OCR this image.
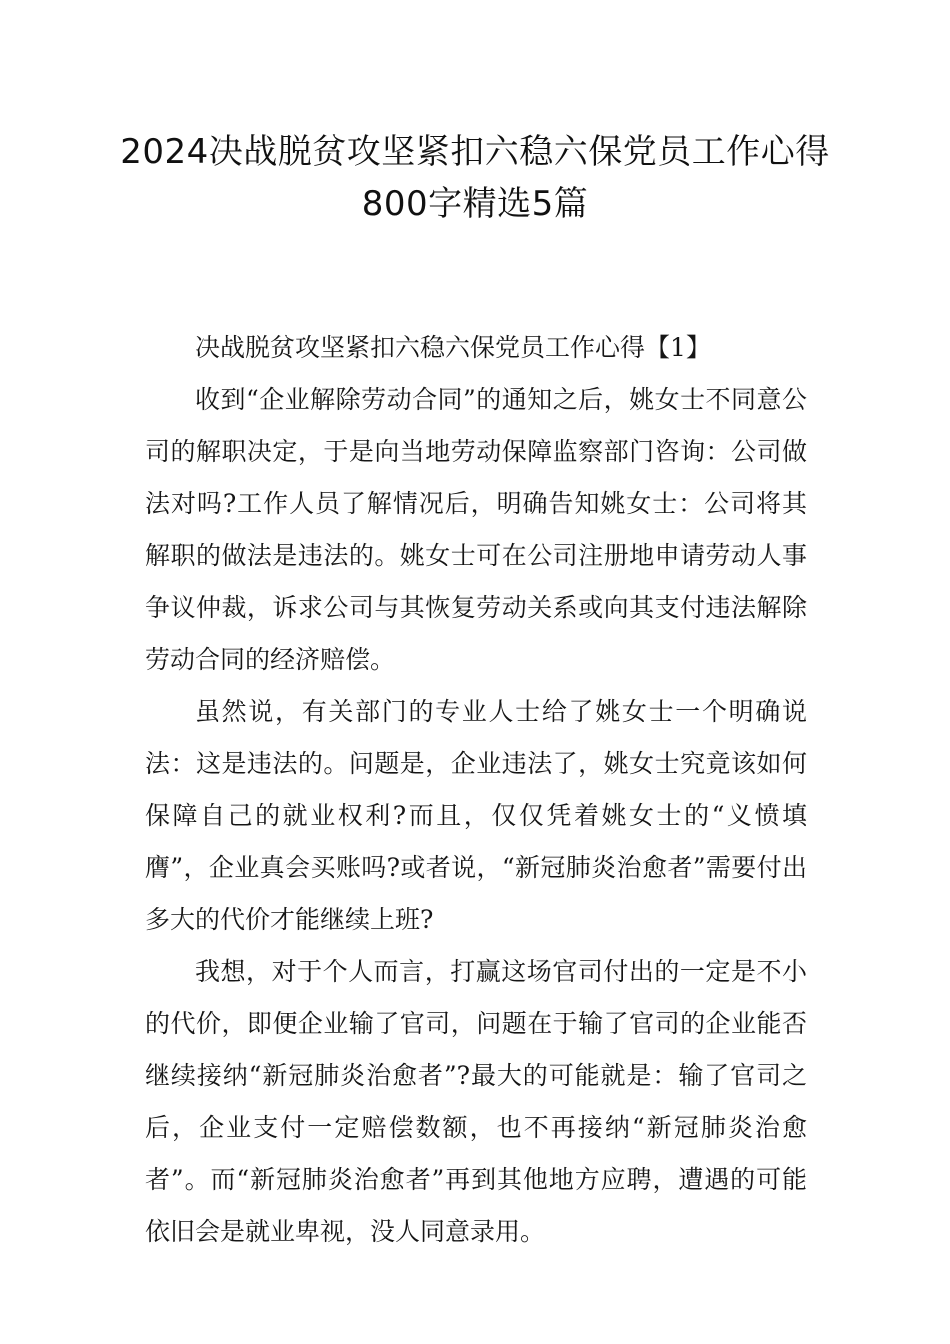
2024决战脱贫攻坚紧扣六稳六保党员工作心得800字精选5篇

决战脱贫攻坚紧扣六稳六保党员工作心得【1】

收到“企业解除劳动合同”的通知之后，姚女士不同意公司的解职决定，于是向当地劳动保障监察部门咨询：公司做法对吗?工作人员了解情况后，明确告知姚女士：公司将其解职的做法是违法的。姚女士可在公司注册地申请劳动人事争议仲裁，诉求公司与其恢复劳动关系或向其支付违法解除劳动合同的经济赔偿。

虽然说，有关部门的专业人士给了姚女士一个明确说法：这是违法的。问题是，企业违法了，姚女士究竟该如何保障自己的就业权利?而且，仅仅凭着姚女士的“义愤填膺”，企业真会买账吗?或者说，“新冠肺炎治愈者”需要付出多大的代价才能继续上班?

我想，对于个人而言，打赢这场官司付出的一定是不小的代价，即便企业输了官司，问题在于输了官司的企业能否继续接纳“新冠肺炎治愈者”?最大的可能就是：输了官司之后，企业支付一定赔偿数额，也不再接纳“新冠肺炎治愈者”。而“新冠肺炎治愈者”再到其他地方应聘，遭遇的可能依旧会是就业卑视，没人同意录用。
